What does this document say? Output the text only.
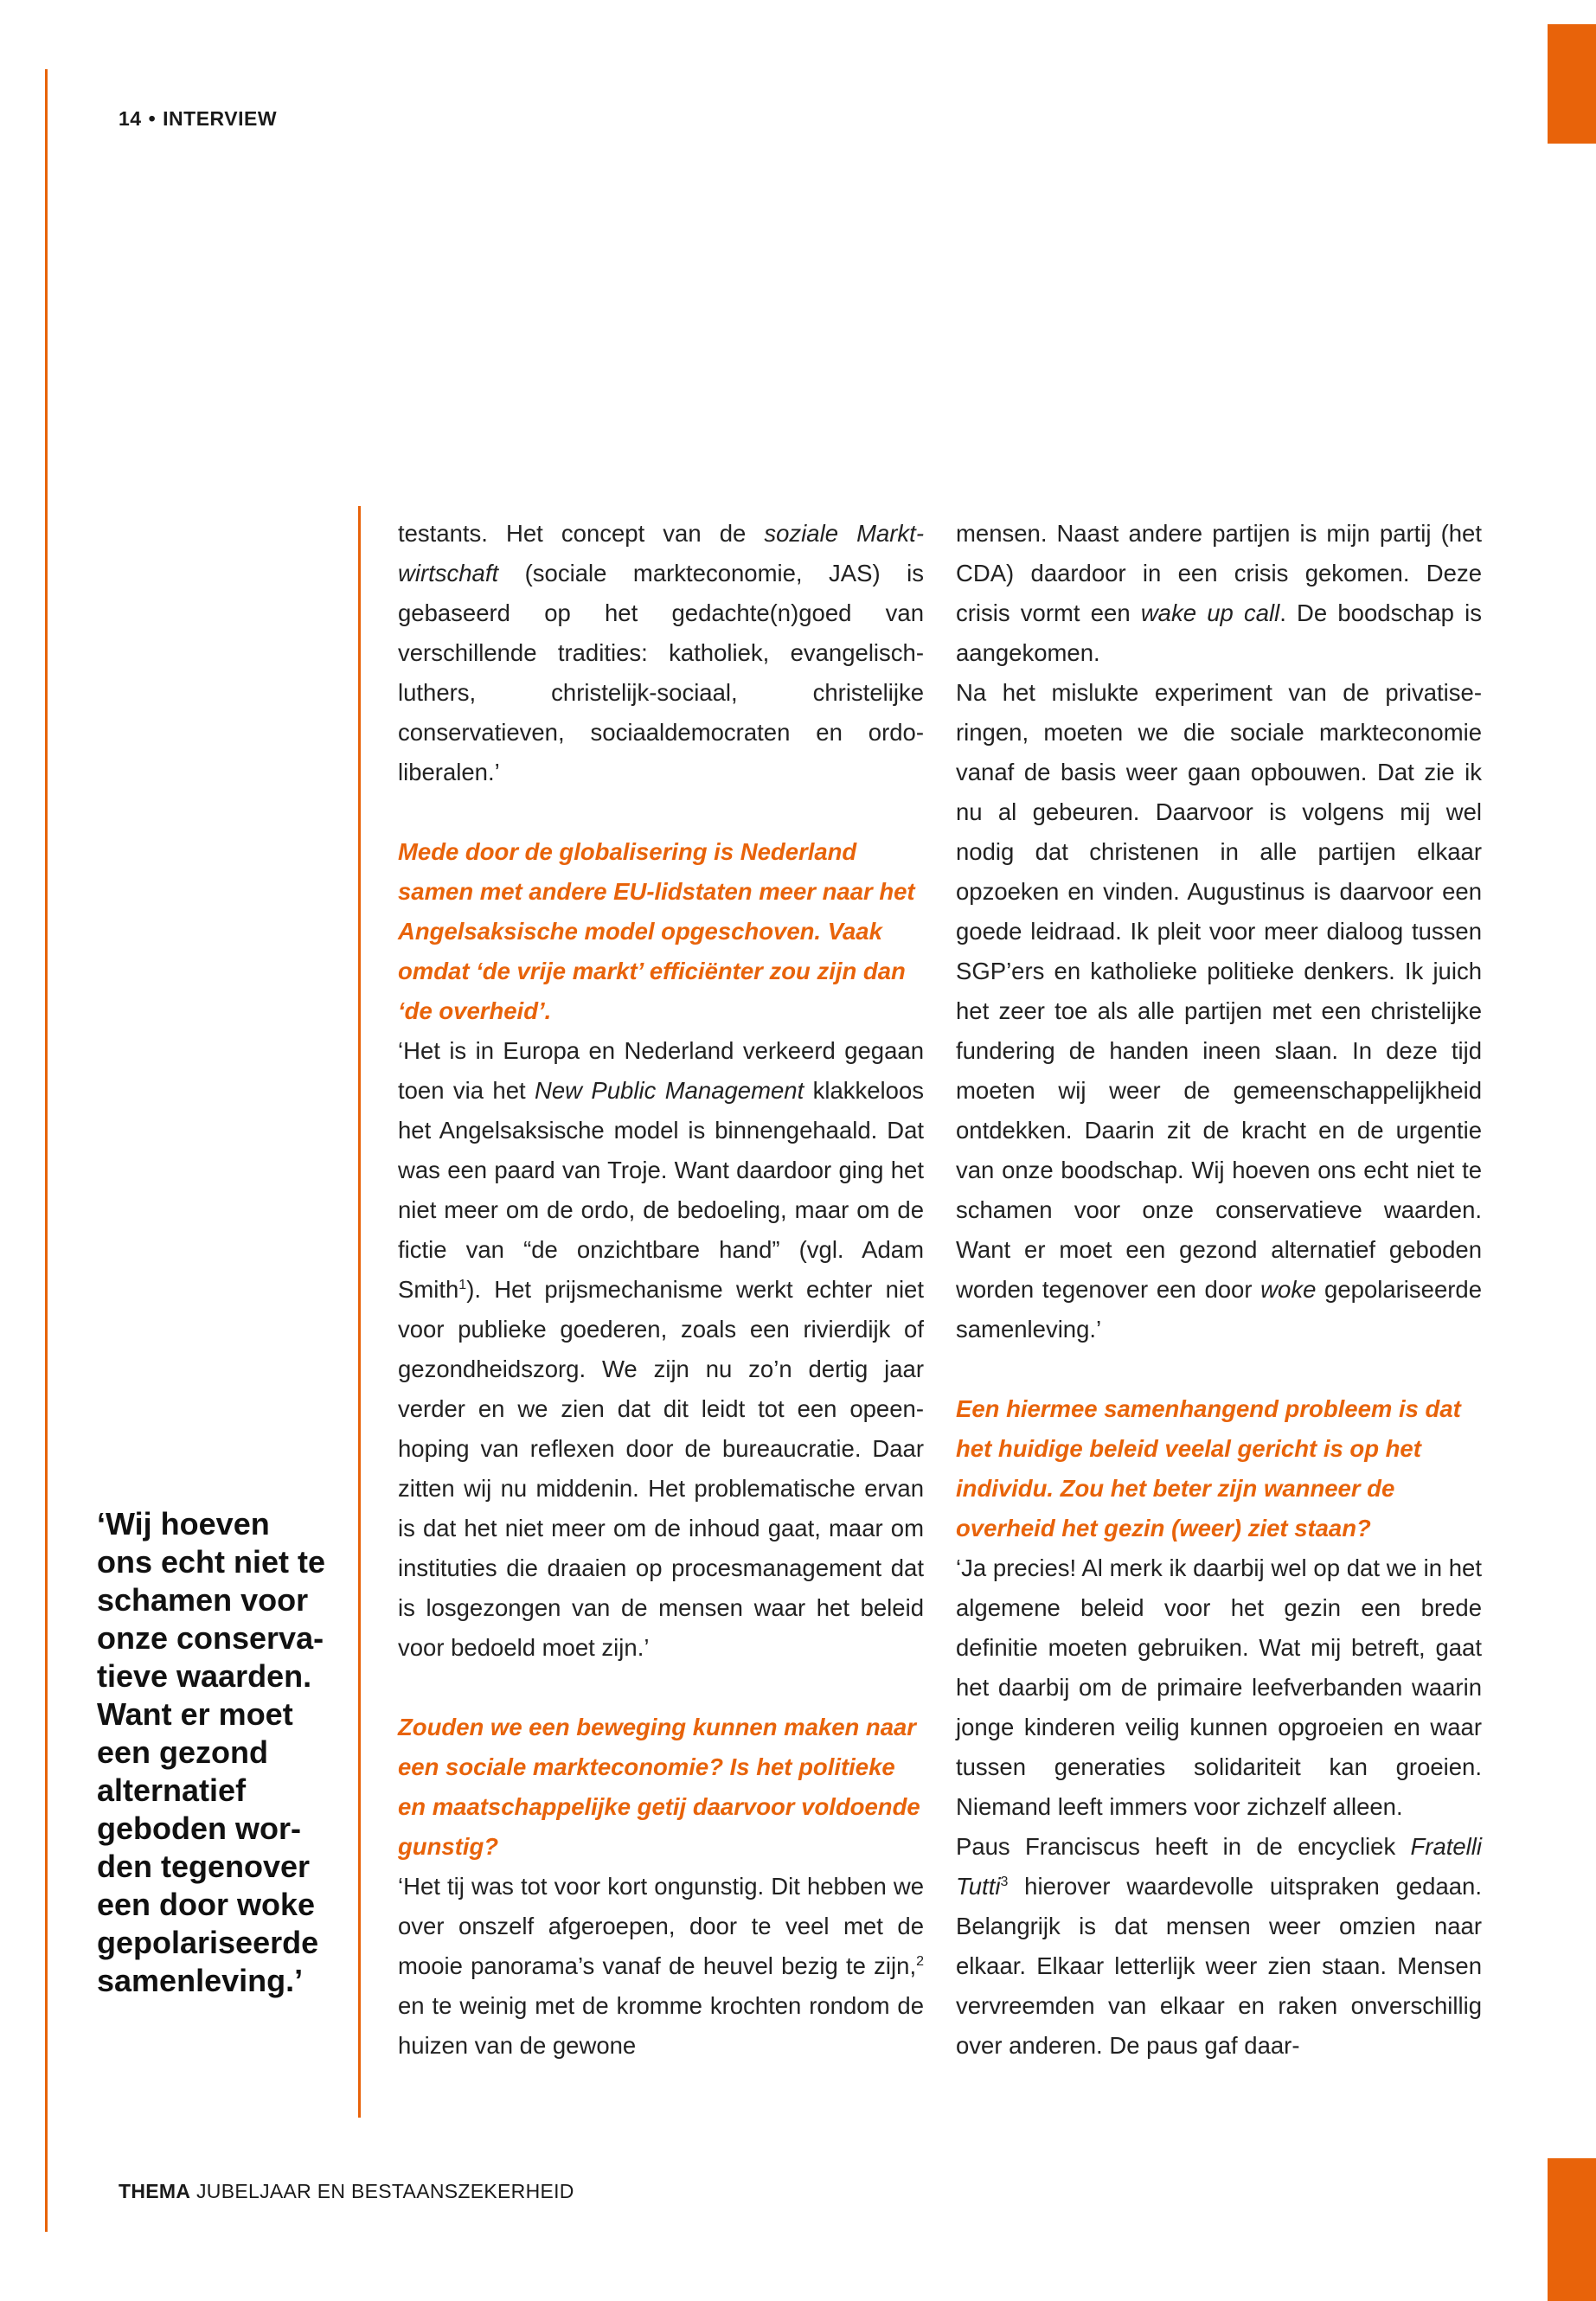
14 • INTERVIEW
‘Wij hoeven
ons echt niet te
schamen voor
onze conserva-
tieve waarden.
Want er moet
een gezond
alternatief
geboden wor-
den tegenover
een door woke
gepolariseerde
samenleving.’

testants. Het concept van de soziale Marktwirtschaft (sociale markteconomie, JAS) is gebaseerd op het gedachte(n)goed van verschillende tradities: katholiek, evangelisch-luthers, christelijk-sociaal, christelijke conservatieven, sociaaldemocraten en ordo-liberalen.’

Mede door de globalisering is Nederland samen met andere EU-lidstaten meer naar het Angelsaksische model opgeschoven. Vaak omdat ‘de vrije markt’ efficiënter zou zijn dan ‘de overheid’.

‘Het is in Europa en Nederland verkeerd gegaan toen via het New Public Management klakkeloos het Angelsaksische model is binnengehaald. Dat was een paard van Troje. Want daardoor ging het niet meer om de ordo, de bedoeling, maar om de fictie van “de onzichtbare hand” (vgl. Adam Smith$^1$). Het prijsmechanisme werkt echter niet voor publieke goederen, zoals een rivierdijk of gezondheidszorg. We zijn nu zo’n dertig jaar verder en we zien dat dit leidt tot een opeenhoping van reflexen door de bureaucratie. Daar zitten wij nu middenin. Het problematische ervan is dat het niet meer om de inhoud gaat, maar om instituties die draaien op procesmanagement dat is losgezongen van de mensen waar het beleid voor bedoeld moet zijn.’

Zouden we een beweging kunnen maken naar een sociale markteconomie? Is het politieke en maatschappelijke getij daarvoor voldoende gunstig?

‘Het tij was tot voor kort ongunstig. Dit hebben we over onszelf afgeroepen, door te veel met de mooie panorama’s vanaf de heuvel bezig te zijn,$^2$ en te weinig met de kromme krochten rondom de huizen van de gewone

mensen. Naast andere partijen is mijn partij (het CDA) daardoor in een crisis gekomen. Deze crisis vormt een wake up call. De boodschap is aangekomen.

Na het mislukte experiment van de privatiseringen, moeten we die sociale markteconomie vanaf de basis weer gaan opbouwen. Dat zie ik nu al gebeuren. Daarvoor is volgens mij wel nodig dat christenen in alle partijen elkaar opzoeken en vinden. Augustinus is daarvoor een goede leidraad. Ik pleit voor meer dialoog tussen SGP’ers en katholieke politieke denkers. Ik juich het zeer toe als alle partijen met een christelijke fundering de handen ineen slaan. In deze tijd moeten wij weer de gemeenschappelijkheid ontdekken. Daarin zit de kracht en de urgentie van onze boodschap. Wij hoeven ons echt niet te schamen voor onze conservatieve waarden. Want er moet een gezond alternatief geboden worden tegenover een door woke gepolariseerde samenleving.’

Een hiermee samenhangend probleem is dat het huidige beleid veelal gericht is op het individu. Zou het beter zijn wanneer de overheid het gezin (weer) ziet staan?

‘Ja precies! Al merk ik daarbij wel op dat we in het algemene beleid voor het gezin een brede definitie moeten gebruiken. Wat mij betreft, gaat het daarbij om de primaire leefverbanden waarin jonge kinderen veilig kunnen opgroeien en waar tussen generaties solidariteit kan groeien. Niemand leeft immers voor zichzelf alleen.

Paus Franciscus heeft in de encycliek Fratelli Tutti$^3$ hierover waardevolle uitspraken gedaan. Belangrijk is dat mensen weer omzien naar elkaar. Elkaar letterlijk weer zien staan. Mensen vervreemden van elkaar en raken onverschillig over anderen. De paus gaf daar-

THEMA JUBELJAAR EN BESTAANSZEKERHEID
